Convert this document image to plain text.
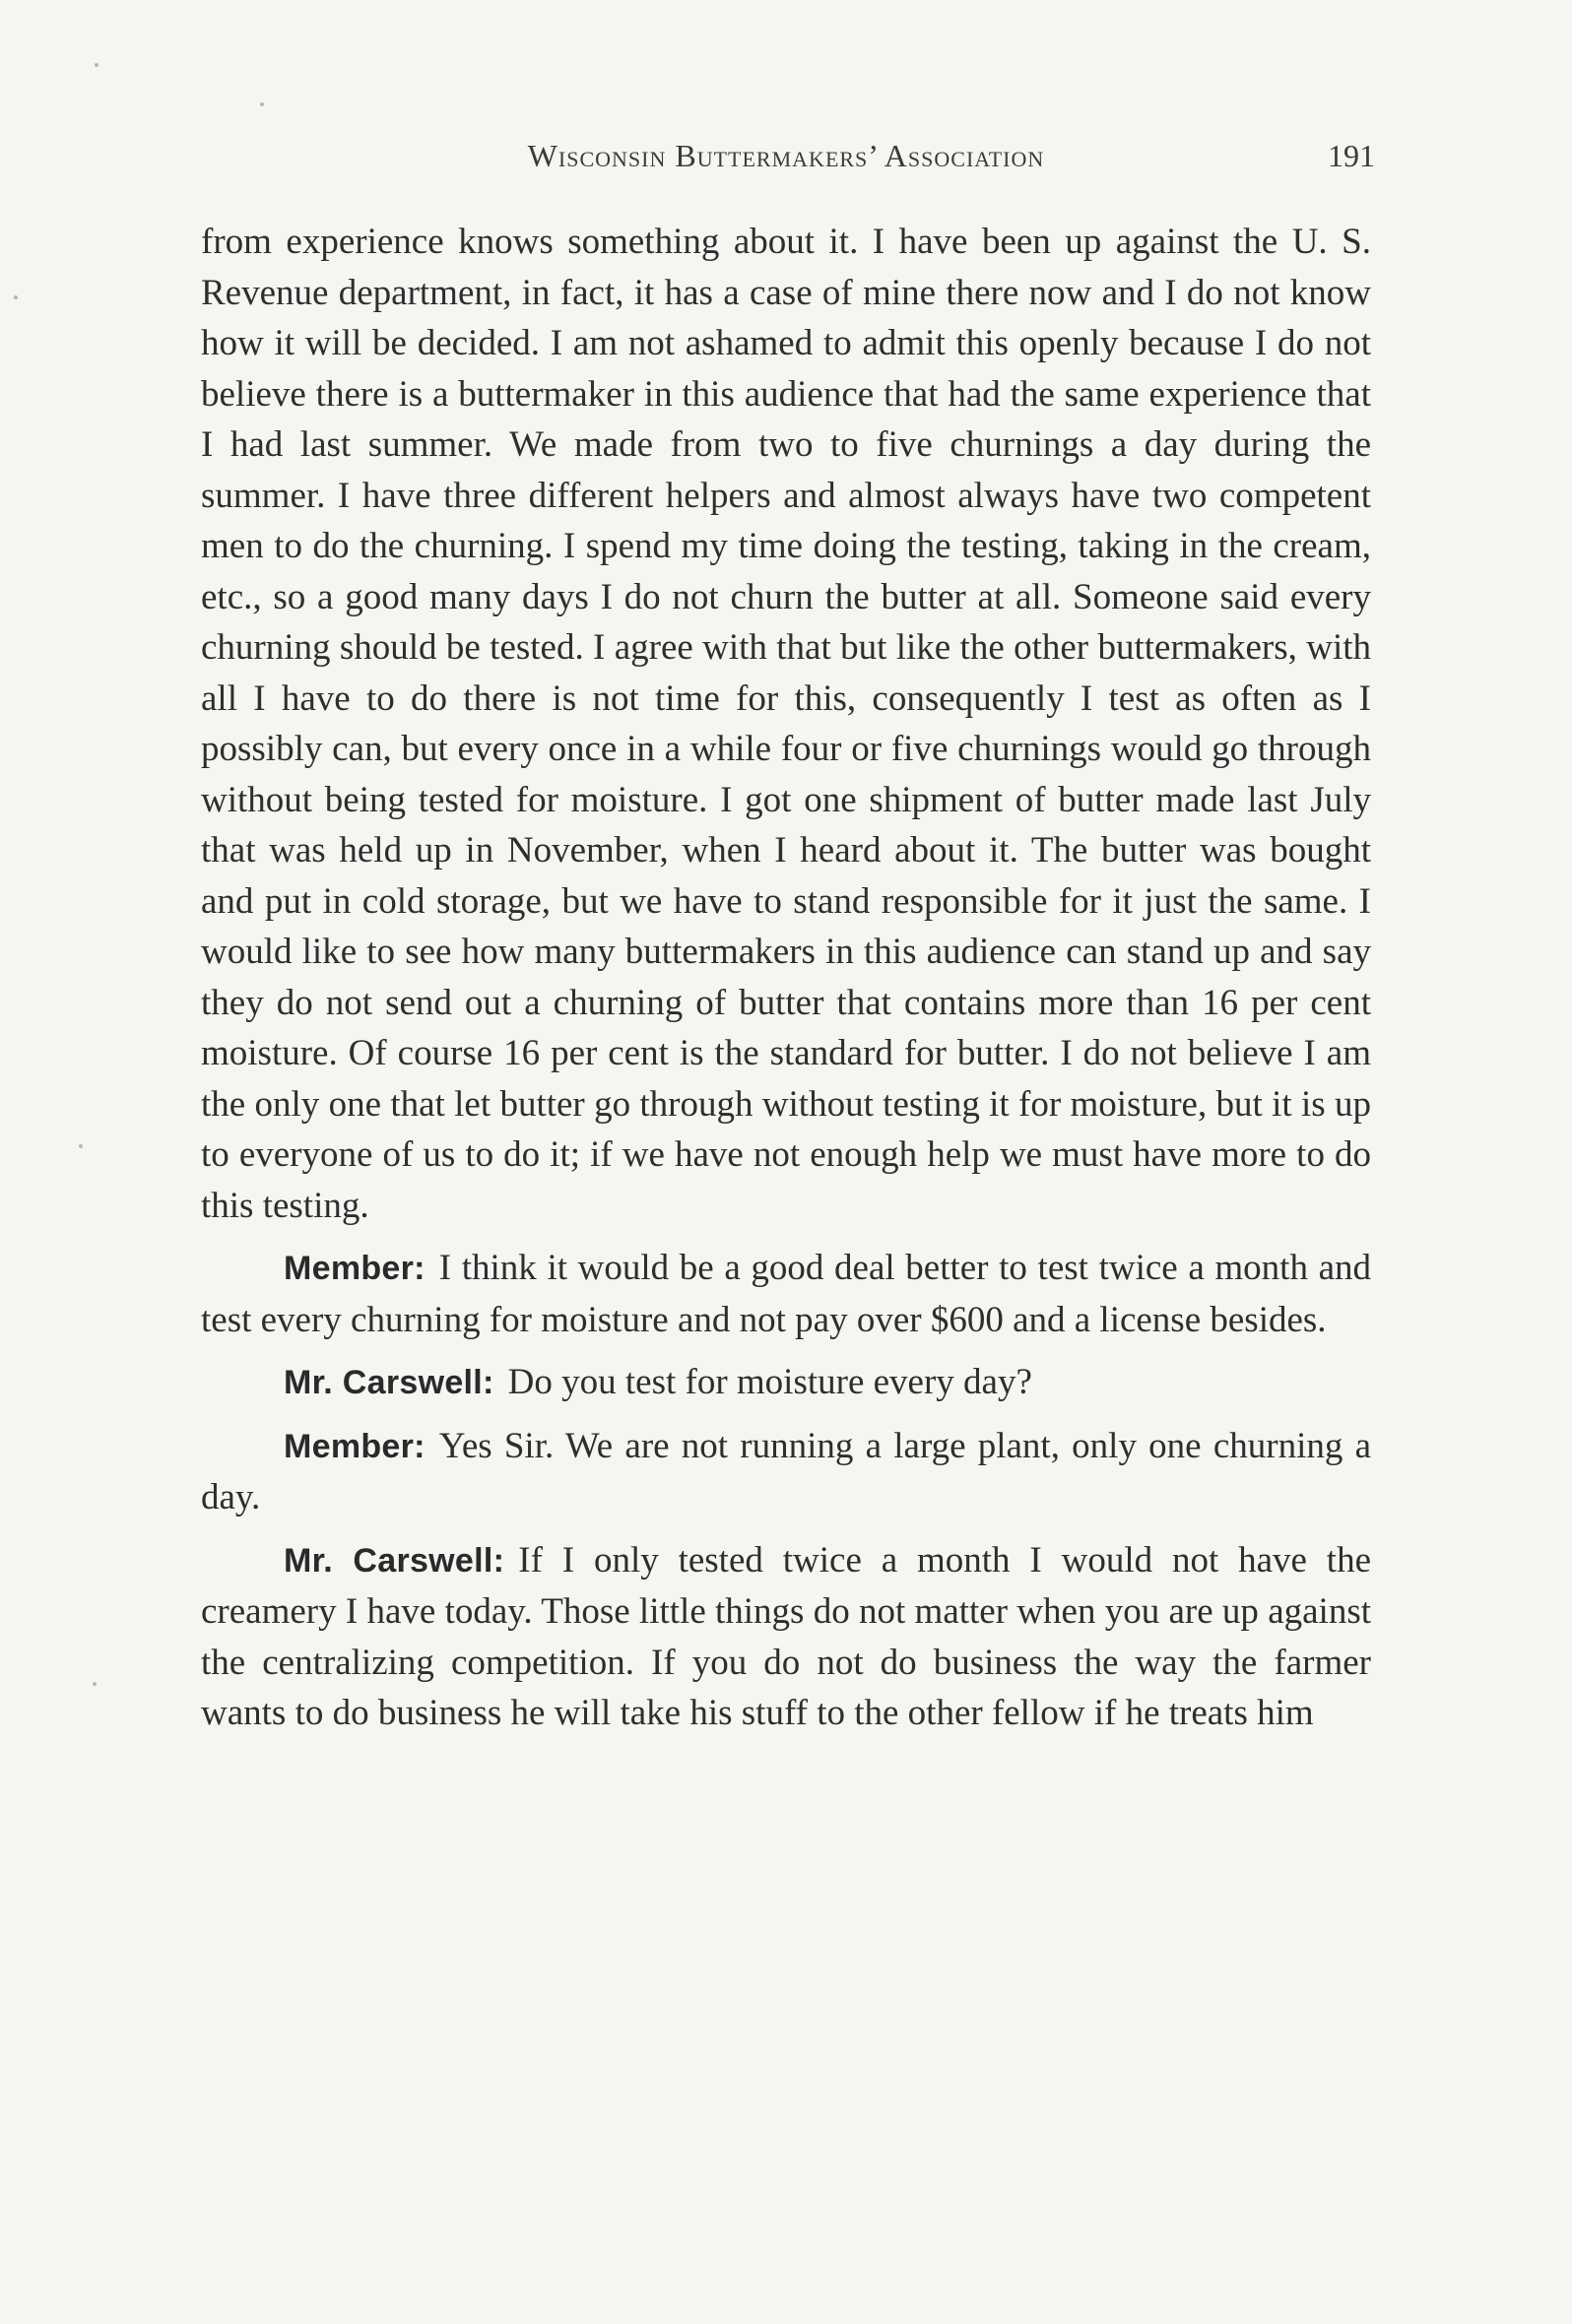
Wisconsin Buttermakers’ Association	191

from experience knows something about it. I have been up against the U. S. Revenue department, in fact, it has a case of mine there now and I do not know how it will be decided. I am not ashamed to admit this openly because I do not believe there is a buttermaker in this audience that had the same experience that I had last summer. We made from two to five churnings a day during the summer. I have three different helpers and almost always have two competent men to do the churning. I spend my time doing the testing, taking in the cream, etc., so a good many days I do not churn the butter at all. Someone said every churning should be tested. I agree with that but like the other buttermakers, with all I have to do there is not time for this, consequently I test as often as I possibly can, but every once in a while four or five churnings would go through without being tested for moisture. I got one shipment of butter made last July that was held up in November, when I heard about it. The butter was bought and put in cold storage, but we have to stand responsible for it just the same. I would like to see how many buttermakers in this audience can stand up and say they do not send out a churning of butter that contains more than 16 per cent moisture. Of course 16 per cent is the standard for butter. I do not believe I am the only one that let butter go through without testing it for moisture, but it is up to everyone of us to do it; if we have not enough help we must have more to do this testing.

Member: I think it would be a good deal better to test twice a month and test every churning for moisture and not pay over $600 and a license besides.

Mr. Carswell: Do you test for moisture every day?

Member: Yes Sir. We are not running a large plant, only one churning a day.

Mr. Carswell: If I only tested twice a month I would not have the creamery I have today. Those little things do not matter when you are up against the centralizing competition. If you do not do business the way the farmer wants to do business he will take his stuff to the other fellow if he treats him
